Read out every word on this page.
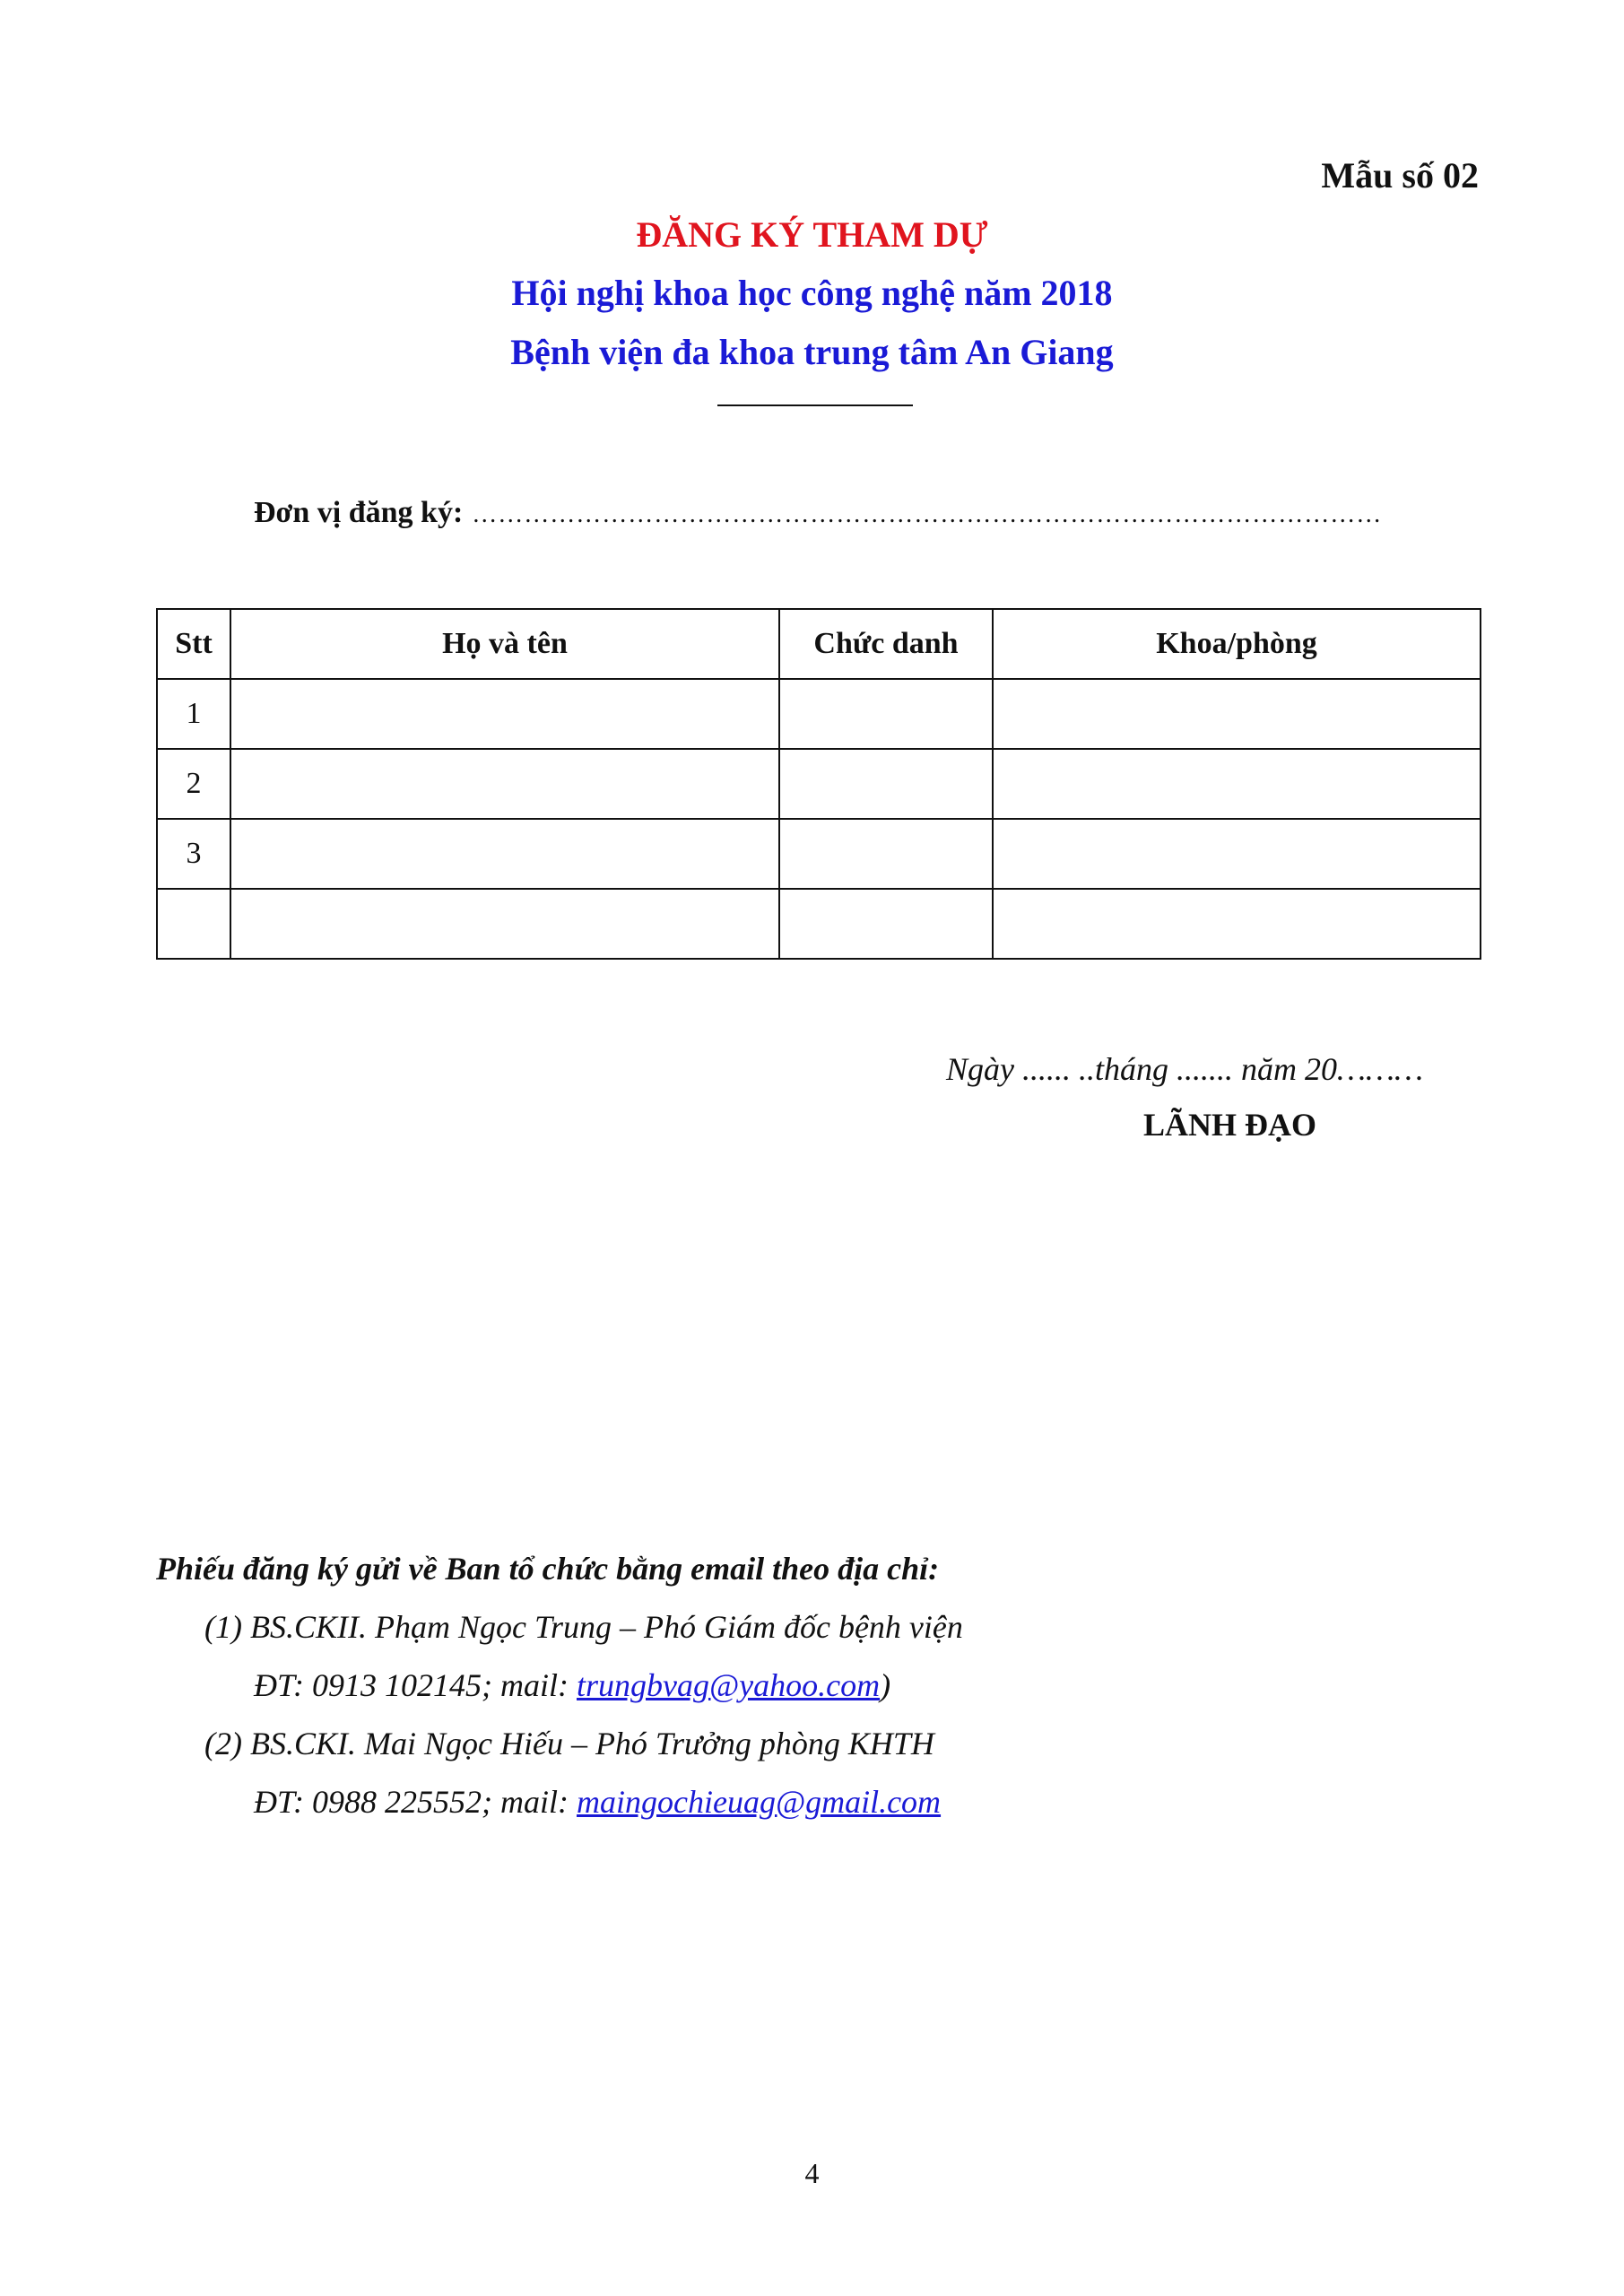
Mẫu số 02
ĐĂNG KÝ THAM DỰ
Hội nghị khoa học công nghệ năm 2018
Bệnh viện đa khoa trung tâm An Giang
Đơn vị đăng ký: ……………………………………………………………………………………………
Stt	Họ và tên	Chức danh	Khoa/phòng
1			
2			
3			

Ngày ...... ..tháng ....... năm 20………
LÃNH ĐẠO
Phiếu đăng ký gửi về Ban tổ chức bằng email theo địa chỉ:
(1) BS.CKII. Phạm Ngọc Trung – Phó Giám đốc bệnh viện
ĐT: 0913 102145; mail: trungbvag@yahoo.com)
(2) BS.CKI. Mai Ngọc Hiếu – Phó Trưởng phòng KHTH
ĐT: 0988 225552; mail: maingochieuag@gmail.com
4
